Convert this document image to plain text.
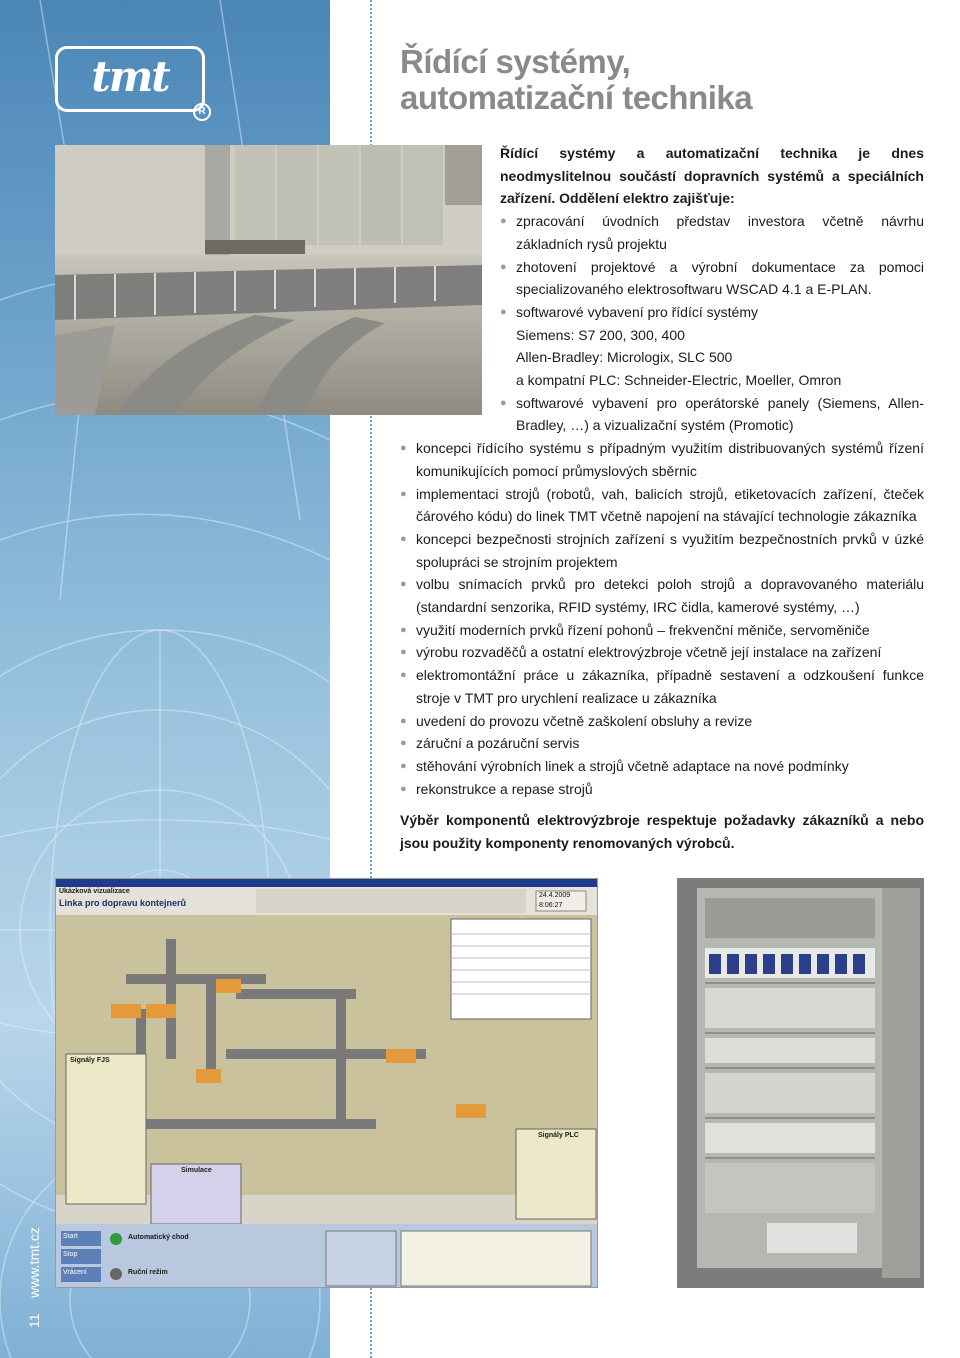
tmt
R
Řídící systémy,
automatizační technika

Řídící systémy a automatizační technika je dnes neodmyslitelnou součástí dopravních systémů a speciálních zařízení. Oddělení elektro zajišťuje:

● zpracování úvodních představ investora včetně návrhu základních rysů projektu
● zhotovení projektové a výrobní dokumentace za pomoci specializovaného elektrosoftwaru WSCAD 4.1 a E-PLAN.
● softwarové vybavení pro řídící systémy
Siemens: S7 200, 300, 400
Allen-Bradley: Micrologix, SLC 500
a kompatní PLC: Schneider-Electric, Moeller, Omron
● softwarové vybavení pro operátorské panely (Siemens, Allen-Bradley, …) a vizualizační systém (Promotic)
● koncepci řídícího systému s případným využitím distribuovaných systémů řízení komunikujících pomocí průmyslových sběrnic
● implementaci strojů (robotů, vah, balicích strojů, etiketovacích zařízení, čteček čárového kódu) do linek TMT včetně napojení na stávající technologie zákazníka
● koncepci bezpečnosti strojních zařízení s využitím bezpečnostních prvků v úzké spolupráci se strojním projektem
● volbu snímacích prvků pro detekci poloh strojů a dopravovaného materiálu (standardní senzorika, RFID systémy, IRC čidla, kamerové systémy, …)
● využití moderních prvků řízení pohonů – frekvenční měniče, servoměniče
● výrobu rozvaděčů a ostatní elektrovýzbroje včetně její instalace na zařízení
● elektromontážní práce u zákazníka, případně sestavení a odzkoušení funkce stroje v TMT pro urychlení realizace u zákazníka
● uvedení do provozu včetně zaškolení obsluhy a revize
● záruční a pozáruční servis
● stěhování výrobních linek a strojů včetně adaptace na nové podmínky
● rekonstrukce a repase strojů

Výběr komponentů elektrovýzbroje respektuje požadavky zákazníků a nebo jsou použity komponenty renomovaných výrobců.

Ukázková vizualizace
Linka pro dopravu kontejnerů
24.4.2009
8:06:27
Signály FJS
Signály PLC
Simulace
Start
Stop
Vrácení
Automatický chod
Ruční režim
11    www.tmt.cz
